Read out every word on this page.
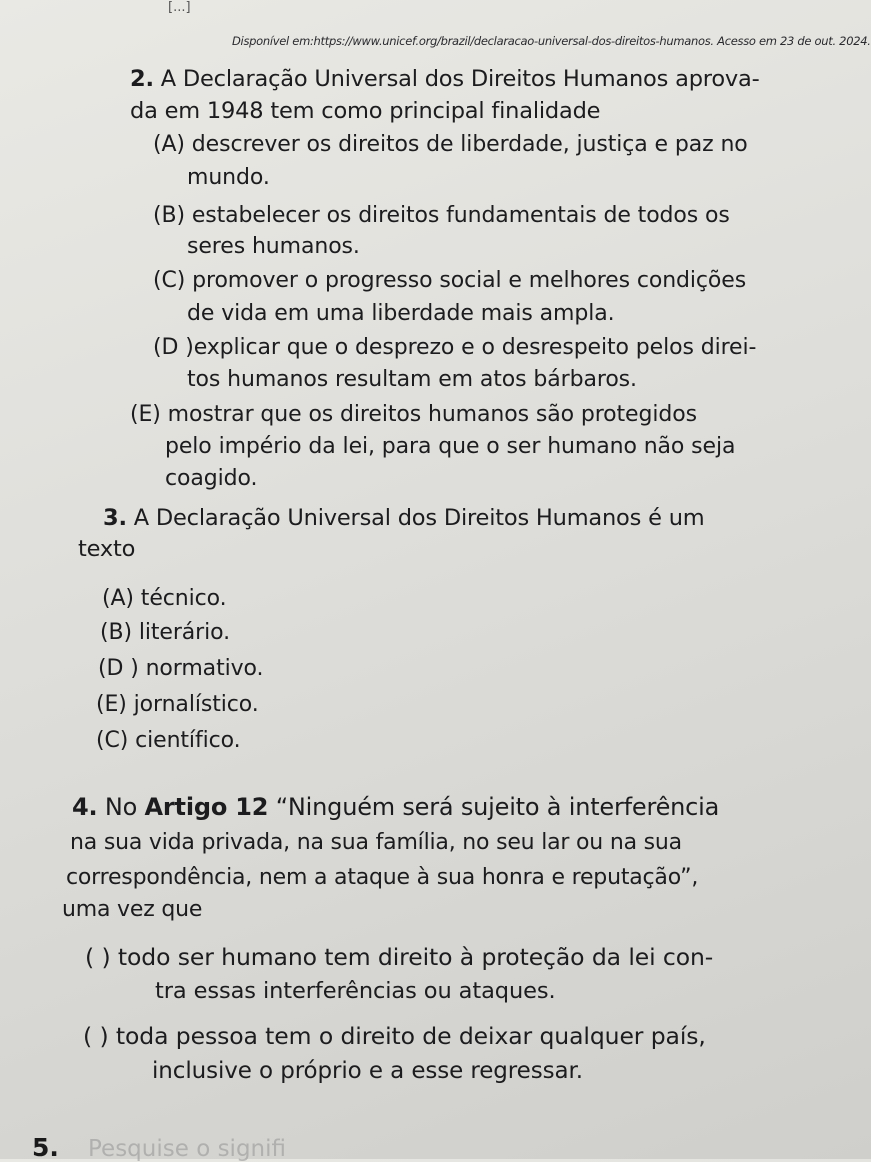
[...]
Disponível em:https://www.unicef.org/brazil/declaracao-universal-dos-direitos-humanos. Acesso em 23 de out. 2024.
2. A Declaração Universal dos Direitos Humanos aprova-
da em 1948 tem como principal finalidade
(A) descrever os direitos de liberdade, justiça e paz no
mundo.
(B) estabelecer os direitos fundamentais de todos os
seres humanos.
(C) promover o progresso social e melhores condições
de vida em uma liberdade mais ampla.
(D )explicar que o desprezo e o desrespeito pelos direi-
tos humanos resultam em atos bárbaros.
(E) mostrar que os direitos humanos são protegidos
pelo império da lei, para que o ser humano não seja
coagido.
3. A Declaração Universal dos Direitos Humanos é um
texto
(A) técnico.
(B) literário.
(D ) normativo.
(E) jornalístico.
(C) científico.
4. No Artigo 12 “Ninguém será sujeito à interferência
na sua vida privada, na sua família, no seu lar ou na sua
correspondência, nem a ataque à sua honra e reputação”,
uma vez que
( ) todo ser humano tem direito à proteção da lei con-
tra essas interferências ou ataques.
( ) toda pessoa tem o direito de deixar qualquer país,
inclusive o próprio e a esse regressar.
5. Pesquise o signifi
